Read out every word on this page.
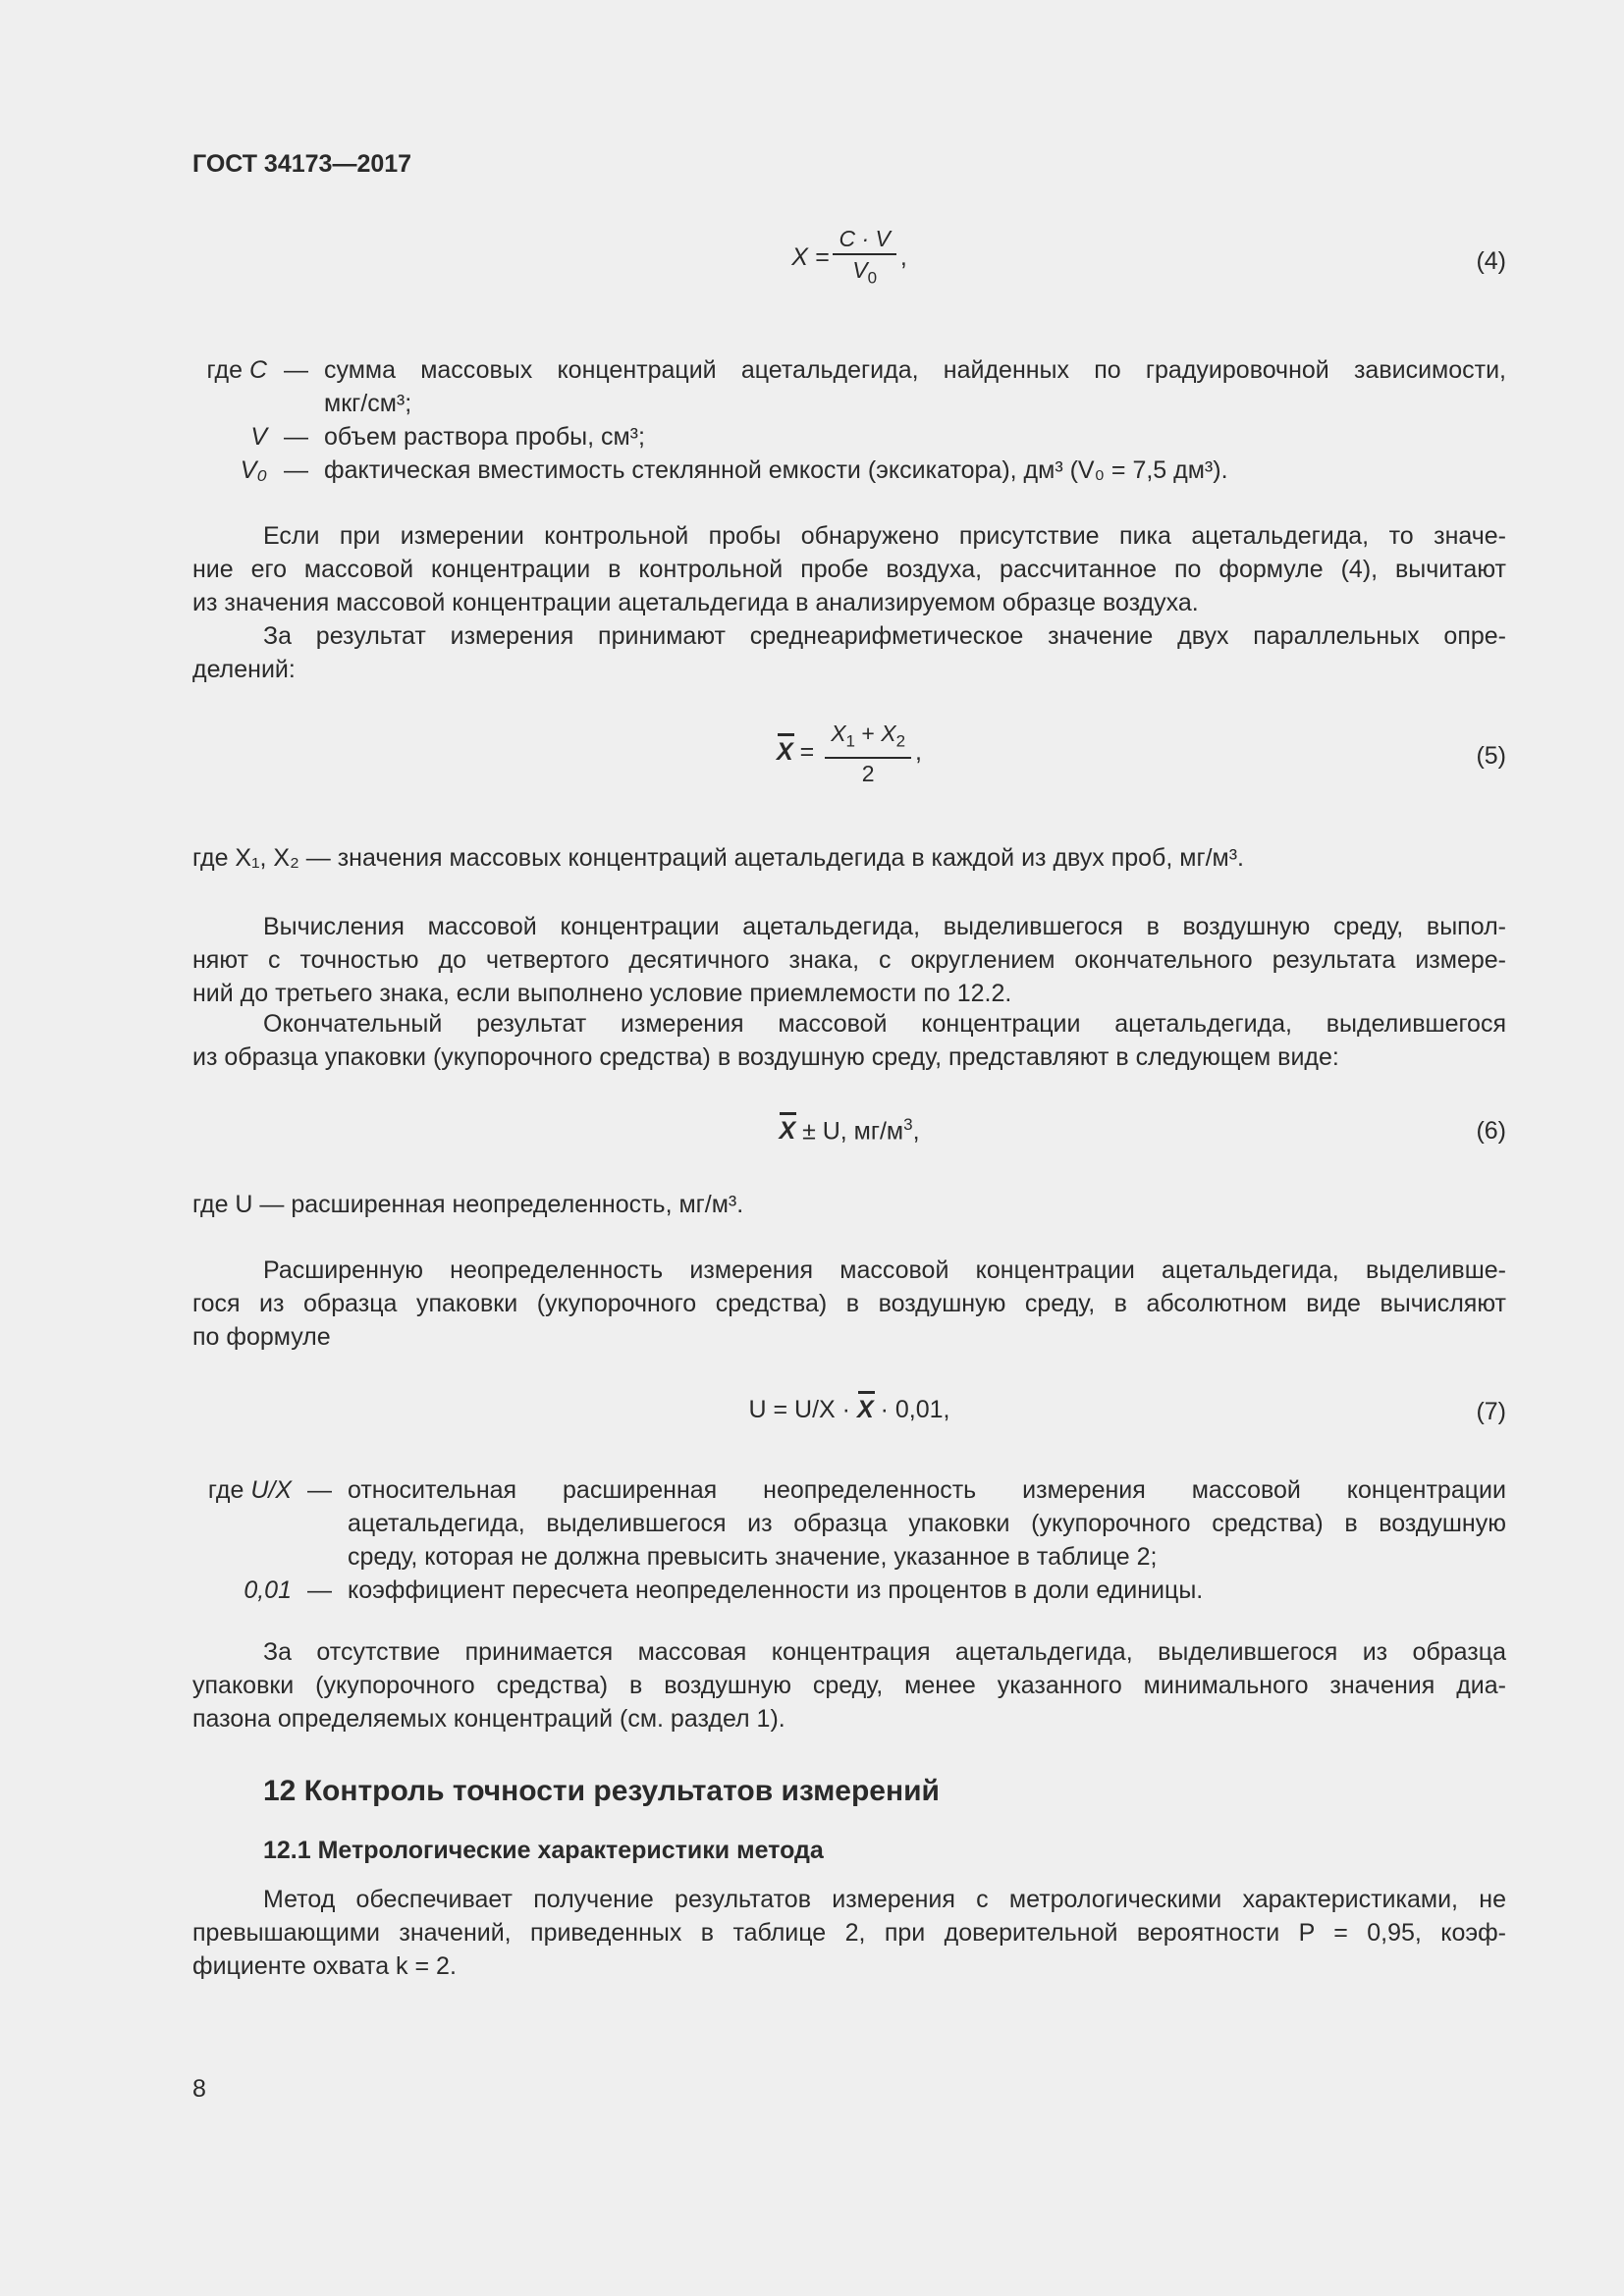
ГОСТ 34173—2017
$X = \frac{C \cdot V}{V_0}$ ,	(4)
где C — сумма массовых концентраций ацетальдегида, найденных по градуировочной зависимости,
мкг/см³;
V — объем раствора пробы, см³;
V₀ — фактическая вместимость стеклянной емкости (эксикатора), дм³ (V₀ = 7,5 дм³).
Если при измерении контрольной пробы обнаружено присутствие пика ацетальдегида, то значе-
ние его массовой концентрации в контрольной пробе воздуха, рассчитанное по формуле (4), вычитают
из значения массовой концентрации ацетальдегида в анализируемом образце воздуха.
За результат измерения принимают среднеарифметическое значение двух параллельных опре-
делений:
$X = \frac{X_1 + X_2}{2}$ ,	(5)
где X₁, X₂ — значения массовых концентраций ацетальдегида в каждой из двух проб, мг/м³.
Вычисления массовой концентрации ацетальдегида, выделившегося в воздушную среду, выпол-
няют с точностью до четвертого десятичного знака, с округлением окончательного результата измере-
ний до третьего знака, если выполнено условие приемлемости по 12.2.
Окончательный результат измерения массовой концентрации ацетальдегида, выделившегося
из образца упаковки (укупорочного средства) в воздушную среду, представляют в следующем виде:
X ± U, $мг/м^3$,	(6)
где U — расширенная неопределенность, мг/м³.
Расширенную неопределенность измерения массовой концентрации ацетальдегида, выделивше-
гося из образца упаковки (укупорочного средства) в воздушную среду, в абсолютном виде вычисляют
по формуле
U = U/X · X · 0,01,	(7)
где U/X — относительная расширенная неопределенность измерения массовой концентрации
ацетальдегида, выделившегося из образца упаковки (укупорочного средства) в воздушную
среду, которая не должна превысить значение, указанное в таблице 2;
0,01 — коэффициент пересчета неопределенности из процентов в доли единицы.
За отсутствие принимается массовая концентрация ацетальдегида, выделившегося из образца
упаковки (укупорочного средства) в воздушную среду, менее указанного минимального значения диа-
пазона определяемых концентраций (см. раздел 1).
12 Контроль точности результатов измерений
12.1 Метрологические характеристики метода
Метод обеспечивает получение результатов измерения с метрологическими характеристиками, не
превышающими значений, приведенных в таблице 2, при доверительной вероятности P = 0,95, коэф-
фициенте охвата k = 2.
8
